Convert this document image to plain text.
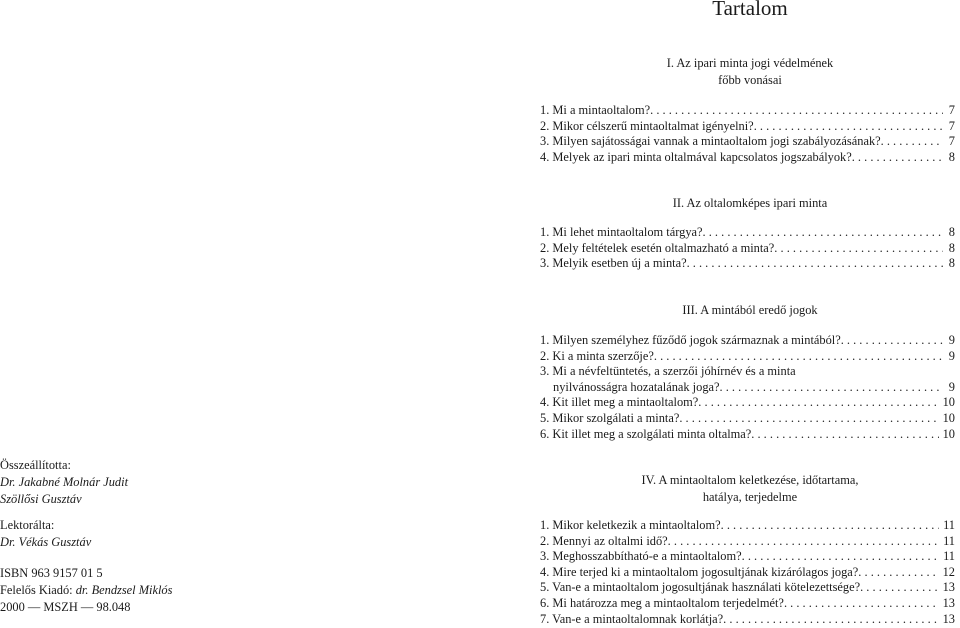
Tartalom
I. Az ipari minta jogi védelmének
főbb vonásai
1. Mi a mintaoltalom? . . .	7
2. Mikor célszerű mintaoltalmat igényelni? . . .	7
3. Milyen sajátosságai vannak a mintaoltalom jogi szabályozásának? . . .	7
4. Melyek az ipari minta oltalmával kapcsolatos jogszabályok? . . .	8
II. Az oltalomképes ipari minta
1. Mi lehet mintaoltalom tárgya? . . .	8
2. Mely feltételek esetén oltalmazható a minta? . . .	8
3. Melyik esetben új a minta? . . .	8
III. A mintából eredő jogok
1. Milyen személyhez fűződő jogok származnak a mintából? . . .	9
2. Ki a minta szerzője? . . .	9
3. Mi a névfeltüntetés, a szerzői jóhírnév és a minta
nyilvánosságra hozatalának joga? . . .	9
4. Kit illet meg a mintaoltalom? . . .	10
5. Mikor szolgálati a minta? . . .	10
6. Kit illet meg a szolgálati minta oltalma? . . .	10
IV. A mintaoltalom keletkezése, időtartama,
hatálya, terjedelme
1. Mikor keletkezik a mintaoltalom? . . .	11
2. Mennyi az oltalmi idő? . . .	11
3. Meghosszabbítható-e a mintaoltalom? . . .	11
4. Mire terjed ki a mintaoltalom jogosultjának kizárólagos joga? . . .	12
5. Van-e a mintaoltalom jogosultjának használati kötelezettsége? . . .	13
6. Mi határozza meg a mintaoltalom terjedelmét? . . .	13
7. Van-e a mintaoltalomnak korlátja? . . .	13
Összeállította:
Dr. Jakabné Molnár Judit
Szöllősi Gusztáv
Lektorálta:
Dr. Vékás Gusztáv
ISBN 963 9157 01 5
Felelős Kiadó: dr. Bendzsel Miklós
2000 — MSZH — 98.048
